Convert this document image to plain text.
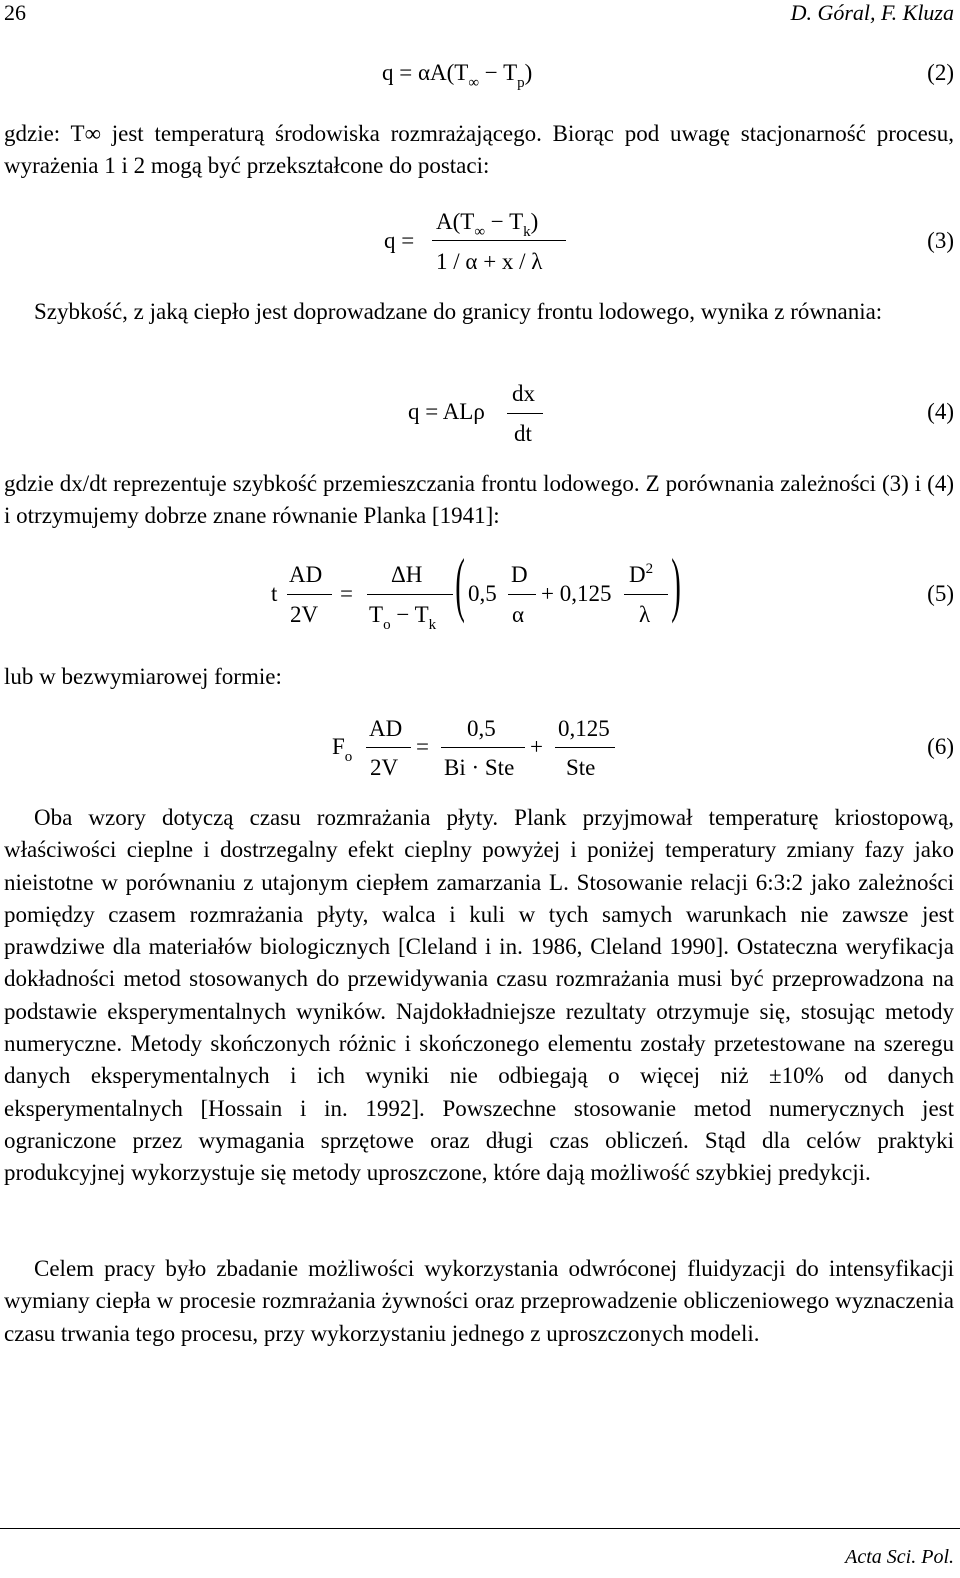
26	D. Góral, F. Kluza
$q = \alpha A(T_\infty - T_p)$	(2)

gdzie: T∞ jest temperaturą środowiska rozmrażającego. Biorąc pod uwagę stacjonarność procesu, wyrażenia 1 i 2 mogą być przekształcone do postaci:

q =
$A(T_\infty - T_k)$
1 / α + x / λ
(3)

Szybkość, z jaką ciepło jest doprowadzane do granicy frontu lodowego, wynika z równania:

q = ALρ
dx
dt
(4)

gdzie dx/dt reprezentuje szybkość przemieszczania frontu lodowego. Z porównania zależności (3) i (4) i otrzymujemy dobrze znane równanie Planka [1941]:

t
AD
2V
=
ΔH
$T_o - T_k$
( 0,5
D
α
+ 0,125
$D^2$
λ )	(5)

lub w bezwymiarowej formie:

$F_o$
AD
2V
=
0,5
Bi · Ste
+
0,125
Ste
(6)

Oba wzory dotyczą czasu rozmrażania płyty. Plank przyjmował temperaturę kriostopową, właściwości cieplne i dostrzegalny efekt cieplny powyżej i poniżej temperatury zmiany fazy jako nieistotne w porównaniu z utajonym ciepłem zamarzania L. Stosowanie relacji 6:3:2 jako zależności pomiędzy czasem rozmrażania płyty, walca i kuli w tych samych warunkach nie zawsze jest prawdziwe dla materiałów biologicznych [Cleland i in. 1986, Cleland 1990]. Ostateczna weryfikacja dokładności metod stosowanych do przewidywania czasu rozmrażania musi być przeprowadzona na podstawie eksperymentalnych wyników. Najdokładniejsze rezultaty otrzymuje się, stosując metody numeryczne. Metody skończonych różnic i skończonego elementu zostały przetestowane na szeregu danych eksperymentalnych i ich wyniki nie odbiegają o więcej niż ±10% od danych eksperymentalnych [Hossain i in. 1992]. Powszechne stosowanie metod numerycznych jest ograniczone przez wymagania sprzętowe oraz długi czas obliczeń. Stąd dla celów praktyki produkcyjnej wykorzystuje się metody uproszczone, które dają możliwość szybkiej predykcji.

Celem pracy było zbadanie możliwości wykorzystania odwróconej fluidyzacji do intensyfikacji wymiany ciepła w procesie rozmrażania żywności oraz przeprowadzenie obliczeniowego wyznaczenia czasu trwania tego procesu, przy wykorzystaniu jednego z uproszczonych modeli.

Acta Sci. Pol.
